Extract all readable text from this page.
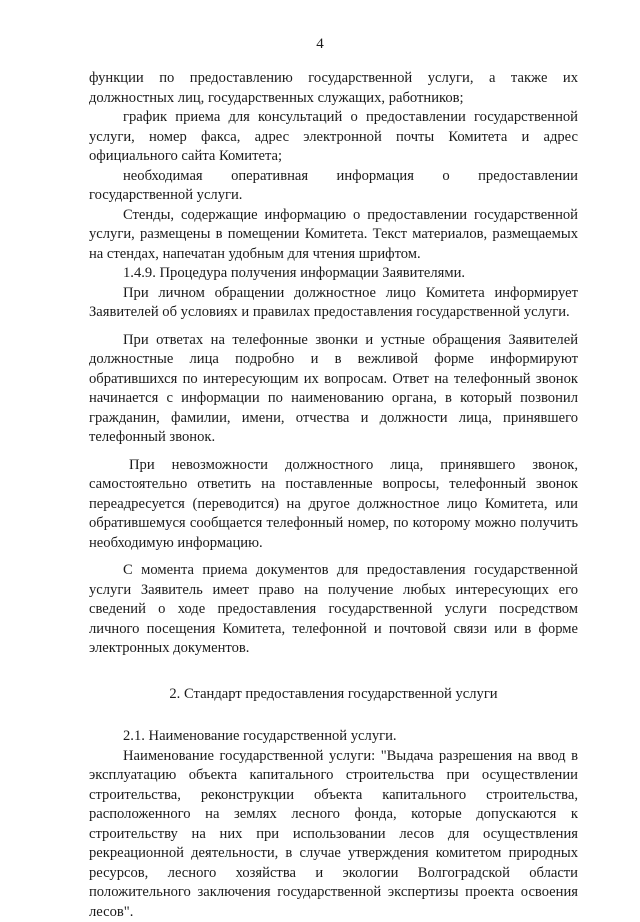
4

функции по предоставлению государственной услуги, а также их должностных лиц, государственных служащих, работников;

график приема для консультаций о предоставлении государственной услуги, номер факса, адрес электронной почты Комитета и адрес официального сайта Комитета;

необходимая оперативная информация о предоставлении государственной услуги.

Стенды, содержащие информацию о предоставлении государственной услуги, размещены в помещении Комитета. Текст материалов, размещаемых на стендах, напечатан удобным для чтения шрифтом.

1.4.9. Процедура получения информации Заявителями.

При личном обращении должностное лицо Комитета информирует Заявителей об условиях и правилах предоставления государственной услуги.

При ответах на телефонные звонки и устные обращения Заявителей должностные лица подробно и в вежливой форме информируют обратившихся по интересующим их вопросам. Ответ на телефонный звонок начинается с информации по наименованию органа, в который позвонил гражданин, фамилии, имени, отчества и должности лица, принявшего телефонный звонок.

При невозможности должностного лица, принявшего звонок, самостоятельно ответить на поставленные вопросы, телефонный звонок переадресуется (переводится) на другое должностное лицо Комитета, или обратившемуся сообщается телефонный номер, по которому можно получить необходимую информацию.

С момента приема документов для предоставления государственной услуги Заявитель имеет право на получение любых интересующих его сведений о ходе предоставления государственной услуги посредством личного посещения Комитета, телефонной и почтовой связи или в форме электронных документов.

2. Стандарт предоставления государственной услуги

2.1. Наименование государственной услуги.

Наименование государственной услуги: "Выдача разрешения на ввод в эксплуатацию объекта капитального строительства при осуществлении строительства, реконструкции объекта капитального строительства, расположенного на землях лесного фонда, которые допускаются к строительству на них при использовании лесов для осуществления рекреационной деятельности, в случае утверждения комитетом природных ресурсов, лесного хозяйства и экологии Волгоградской области положительного заключения государственной экспертизы проекта освоения лесов".
